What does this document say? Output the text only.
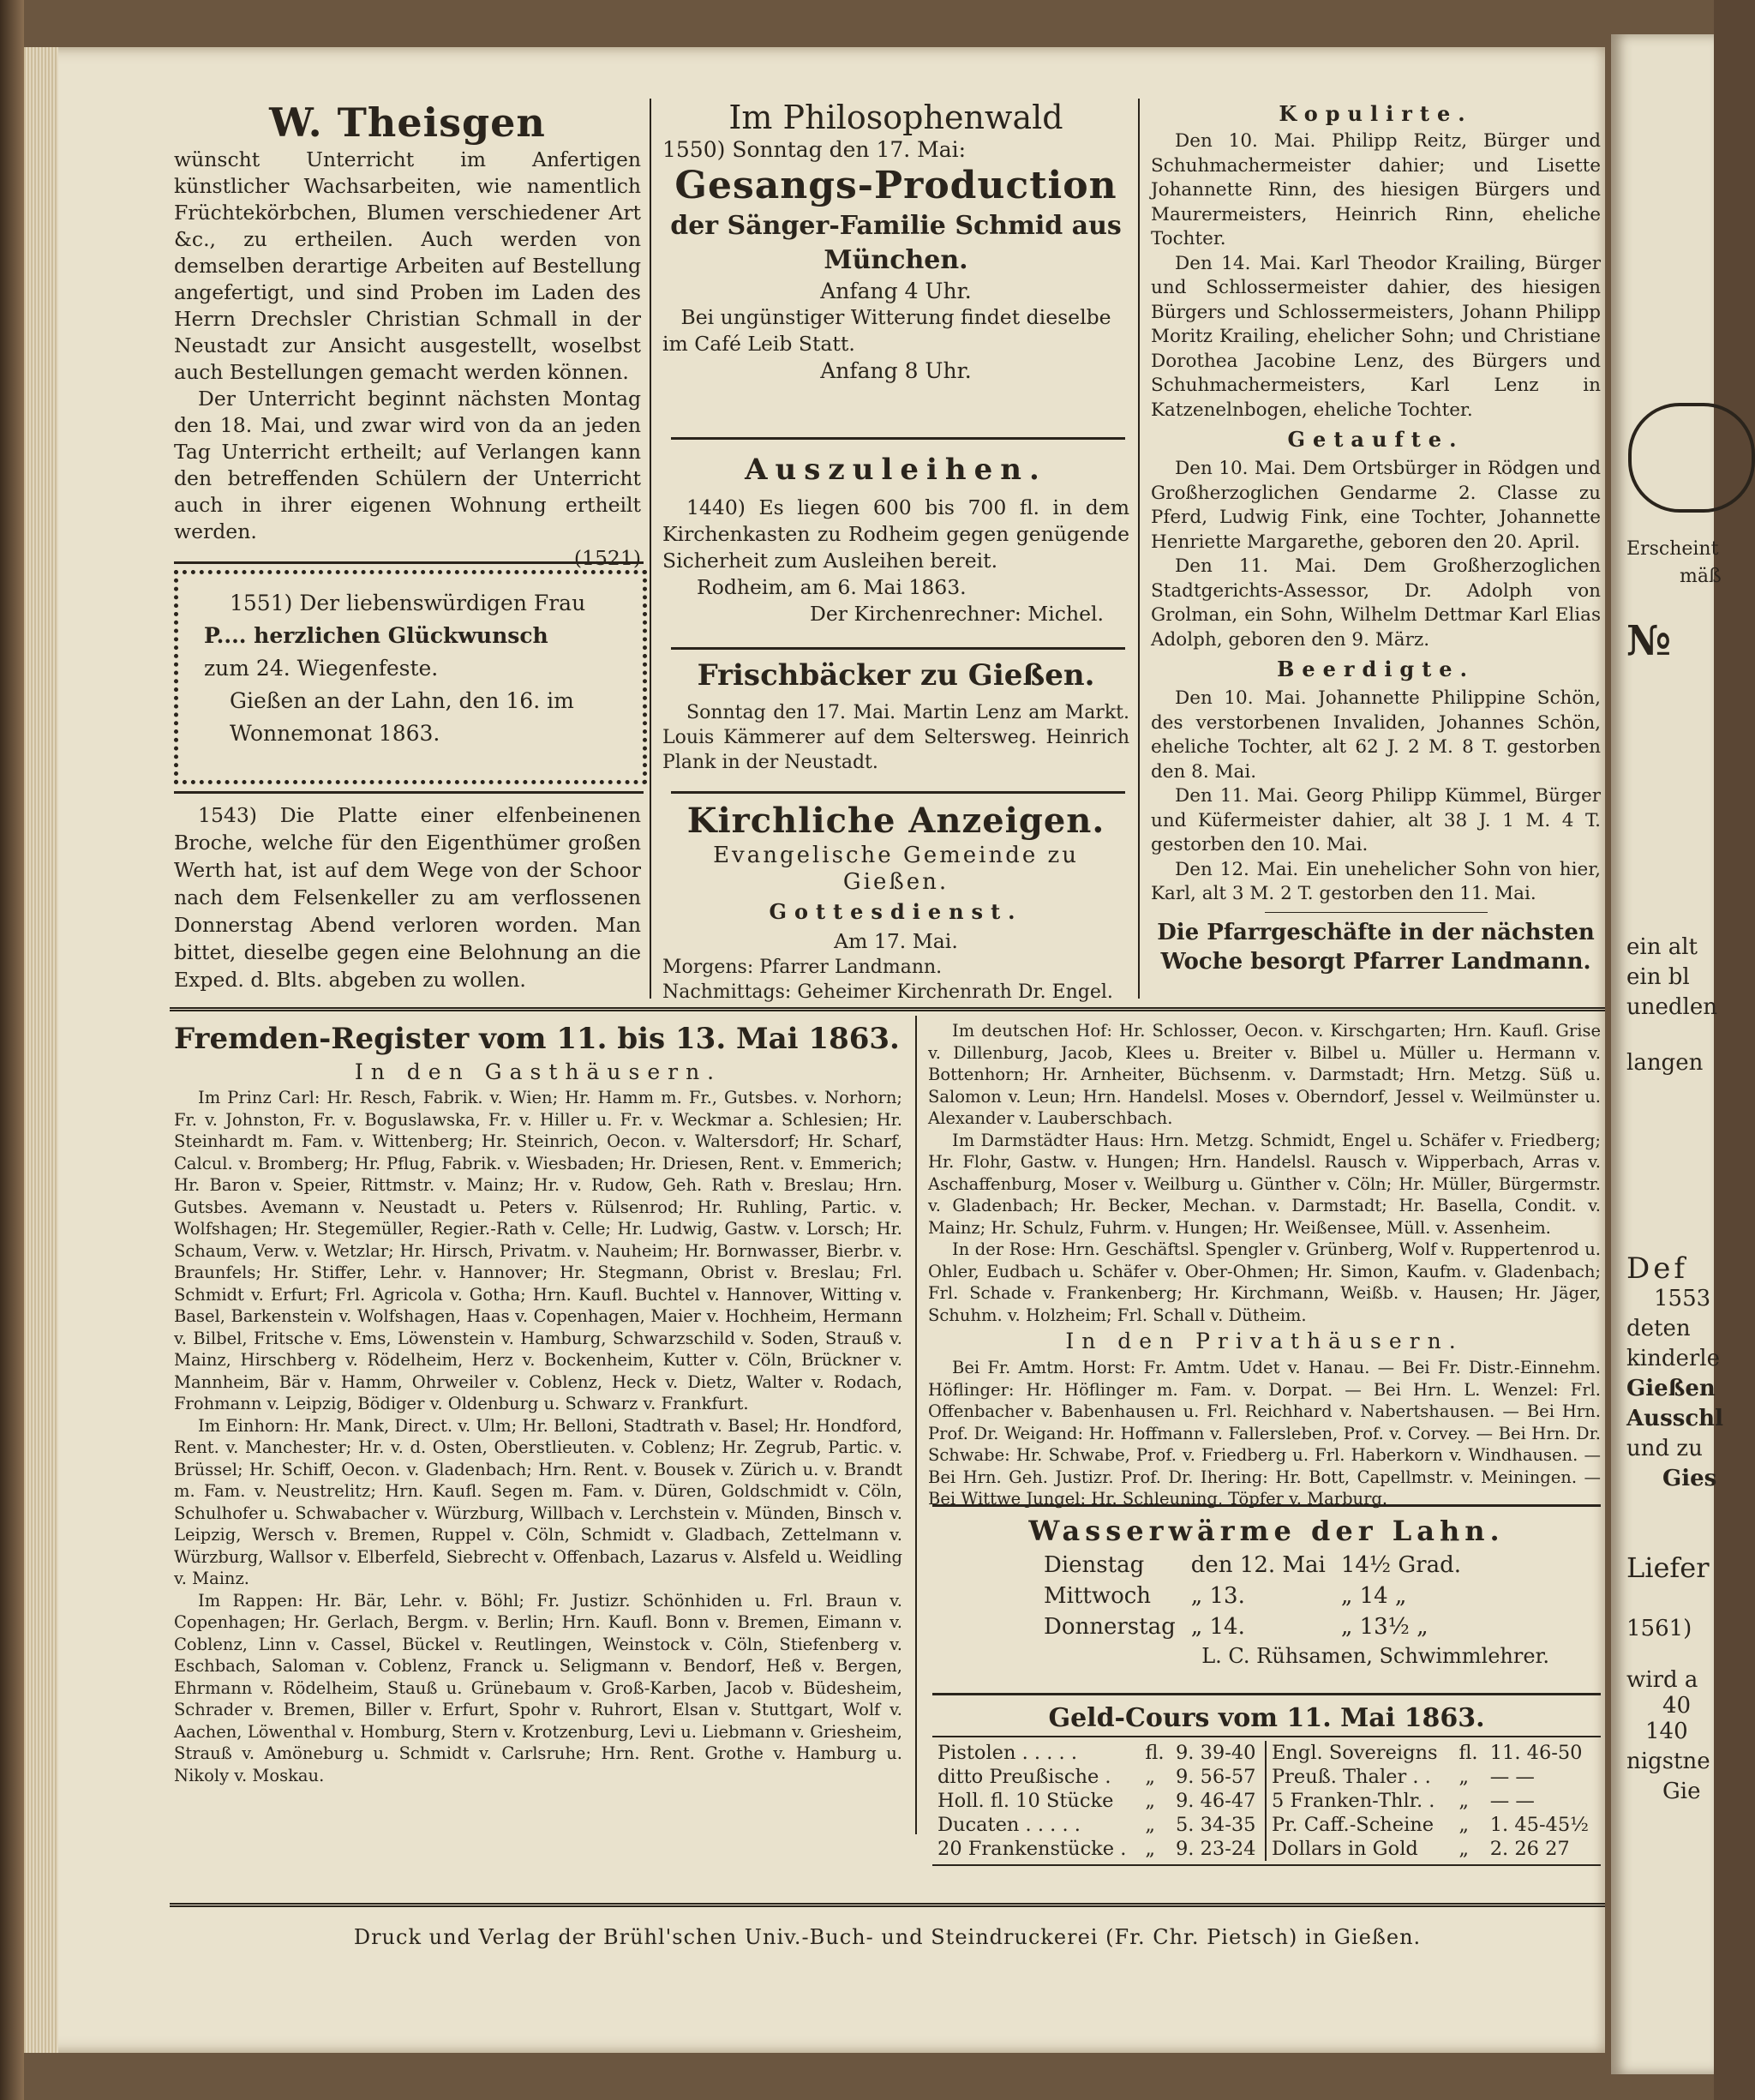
W. Theisgen

wünscht Unterricht im Anfertigen künstlicher Wachsarbeiten, wie namentlich Früchtekörbchen, Blumen verschiedener Art &c., zu ertheilen. Auch werden von demselben derartige Arbeiten auf Bestellung angefertigt, und sind Proben im Laden des Herrn Drechsler Christian Schmall in der Neustadt zur Ansicht ausgestellt, woselbst auch Bestellungen gemacht werden können.

Der Unterricht beginnt nächsten Montag den 18. Mai, und zwar wird von da an jeden Tag Unterricht ertheilt; auf Verlangen kann den betreffenden Schülern der Unterricht auch in ihrer eigenen Wohnung ertheilt werden.

(1521)

1551) Der liebenswürdigen Frau
P.... herzlichen Glückwunsch
zum 24. Wiegenfeste.
Gießen an der Lahn, den 16. im
Wonnemonat 1863.

1543) Die Platte einer elfenbeinenen Broche, welche für den Eigenthümer großen Werth hat, ist auf dem Wege von der Schoor nach dem Felsenkeller zu am verflossenen Donnerstag Abend verloren worden. Man bittet, dieselbe gegen eine Belohnung an die Exped. d. Blts. abgeben zu wollen.

Im Philosophenwald
1550) Sonntag den 17. Mai:
Gesangs-Production
der Sänger-Familie Schmid aus
München.
Anfang 4 Uhr.
Bei ungünstiger Witterung findet dieselbe
im Café Leib Statt.
Anfang 8 Uhr.
Auszuleihen.

1440) Es liegen 600 bis 700 fl. in dem Kirchenkasten zu Rodheim gegen genügende Sicherheit zum Ausleihen bereit.

Rodheim, am 6. Mai 1863.
Der Kirchenrechner: Michel.
Frischbäcker zu Gießen.

Sonntag den 17. Mai. Martin Lenz am Markt. Louis Kämmerer auf dem Seltersweg. Heinrich Plank in der Neustadt.

Kirchliche Anzeigen.
Evangelische Gemeinde zu Gießen.
Gottesdienst.
Am 17. Mai.
Morgens: Pfarrer Landmann.
Nachmittags: Geheimer Kirchenrath Dr. Engel.
Kopulirte.

Den 10. Mai. Philipp Reitz, Bürger und Schuhmachermeister dahier; und Lisette Johannette Rinn, des hiesigen Bürgers und Maurermeisters, Heinrich Rinn, eheliche Tochter.

Den 14. Mai. Karl Theodor Krailing, Bürger und Schlossermeister dahier, des hiesigen Bürgers und Schlossermeisters, Johann Philipp Moritz Krailing, ehelicher Sohn; und Christiane Dorothea Jacobine Lenz, des Bürgers und Schuhmachermeisters, Karl Lenz in Katzenelnbogen, eheliche Tochter.

Getaufte.

Den 10. Mai. Dem Ortsbürger in Rödgen und Großherzoglichen Gendarme 2. Classe zu Pferd, Ludwig Fink, eine Tochter, Johannette Henriette Margarethe, geboren den 20. April.

Den 11. Mai. Dem Großherzoglichen Stadtgerichts-Assessor, Dr. Adolph von Grolman, ein Sohn, Wilhelm Dettmar Karl Elias Adolph, geboren den 9. März.

Beerdigte.

Den 10. Mai. Johannette Philippine Schön, des verstorbenen Invaliden, Johannes Schön, eheliche Tochter, alt 62 J. 2 M. 8 T. gestorben den 8. Mai.

Den 11. Mai. Georg Philipp Kümmel, Bürger und Küfermeister dahier, alt 38 J. 1 M. 4 T. gestorben den 10. Mai.

Den 12. Mai. Ein unehelicher Sohn von hier, Karl, alt 3 M. 2 T. gestorben den 11. Mai.

Die Pfarrgeschäfte in der nächsten Woche besorgt Pfarrer Landmann.
Fremden-Register vom 11. bis 13. Mai 1863.
In den Gasthäusern.

Im Prinz Carl: Hr. Resch, Fabrik. v. Wien; Hr. Hamm m. Fr., Gutsbes. v. Norhorn; Fr. v. Johnston, Fr. v. Boguslawska, Fr. v. Hiller u. Fr. v. Weckmar a. Schlesien; Hr. Steinhardt m. Fam. v. Wittenberg; Hr. Steinrich, Oecon. v. Waltersdorf; Hr. Scharf, Calcul. v. Bromberg; Hr. Pflug, Fabrik. v. Wiesbaden; Hr. Driesen, Rent. v. Emmerich; Hr. Baron v. Speier, Rittmstr. v. Mainz; Hr. v. Rudow, Geh. Rath v. Breslau; Hrn. Gutsbes. Avemann v. Neustadt u. Peters v. Rülsenrod; Hr. Ruhling, Partic. v. Wolfshagen; Hr. Stegemüller, Regier.-Rath v. Celle; Hr. Ludwig, Gastw. v. Lorsch; Hr. Schaum, Verw. v. Wetzlar; Hr. Hirsch, Privatm. v. Nauheim; Hr. Bornwasser, Bierbr. v. Braunfels; Hr. Stiffer, Lehr. v. Hannover; Hr. Stegmann, Obrist v. Breslau; Frl. Schmidt v. Erfurt; Frl. Agricola v. Gotha; Hrn. Kaufl. Buchtel v. Hannover, Witting v. Basel, Barkenstein v. Wolfshagen, Haas v. Copenhagen, Maier v. Hochheim, Hermann v. Bilbel, Fritsche v. Ems, Löwenstein v. Hamburg, Schwarzschild v. Soden, Strauß v. Mainz, Hirschberg v. Rödelheim, Herz v. Bockenheim, Kutter v. Cöln, Brückner v. Mannheim, Bär v. Hamm, Ohrweiler v. Coblenz, Heck v. Dietz, Walter v. Rodach, Frohmann v. Leipzig, Bödiger v. Oldenburg u. Schwarz v. Frankfurt.

Im Einhorn: Hr. Mank, Direct. v. Ulm; Hr. Belloni, Stadtrath v. Basel; Hr. Hondford, Rent. v. Manchester; Hr. v. d. Osten, Oberstlieuten. v. Coblenz; Hr. Zegrub, Partic. v. Brüssel; Hr. Schiff, Oecon. v. Gladenbach; Hrn. Rent. v. Bousek v. Zürich u. v. Brandt m. Fam. v. Neustrelitz; Hrn. Kaufl. Segen m. Fam. v. Düren, Goldschmidt v. Cöln, Schulhofer u. Schwabacher v. Würzburg, Willbach v. Lerchstein v. Münden, Binsch v. Leipzig, Wersch v. Bremen, Ruppel v. Cöln, Schmidt v. Gladbach, Zettelmann v. Würzburg, Wallsor v. Elberfeld, Siebrecht v. Offenbach, Lazarus v. Alsfeld u. Weidling v. Mainz.

Im Rappen: Hr. Bär, Lehr. v. Böhl; Fr. Justizr. Schönhiden u. Frl. Braun v. Copenhagen; Hr. Gerlach, Bergm. v. Berlin; Hrn. Kaufl. Bonn v. Bremen, Eimann v. Coblenz, Linn v. Cassel, Bückel v. Reutlingen, Weinstock v. Cöln, Stiefenberg v. Eschbach, Saloman v. Coblenz, Franck u. Seligmann v. Bendorf, Heß v. Bergen, Ehrmann v. Rödelheim, Stauß u. Grünebaum v. Groß-Karben, Jacob v. Büdesheim, Schrader v. Bremen, Biller v. Erfurt, Spohr v. Ruhrort, Elsan v. Stuttgart, Wolf v. Aachen, Löwenthal v. Homburg, Stern v. Krotzenburg, Levi u. Liebmann v. Griesheim, Strauß v. Amöneburg u. Schmidt v. Carlsruhe; Hrn. Rent. Grothe v. Hamburg u. Nikoly v. Moskau.

Im deutschen Hof: Hr. Schlosser, Oecon. v. Kirschgarten; Hrn. Kaufl. Grise v. Dillenburg, Jacob, Klees u. Breiter v. Bilbel u. Müller u. Hermann v. Bottenhorn; Hr. Arnheiter, Büchsenm. v. Darmstadt; Hrn. Metzg. Süß u. Salomon v. Leun; Hrn. Handelsl. Moses v. Oberndorf, Jessel v. Weilmünster u. Alexander v. Lauberschbach.

Im Darmstädter Haus: Hrn. Metzg. Schmidt, Engel u. Schäfer v. Friedberg; Hr. Flohr, Gastw. v. Hungen; Hrn. Handelsl. Rausch v. Wipperbach, Arras v. Aschaffenburg, Moser v. Weilburg u. Günther v. Cöln; Hr. Müller, Bürgermstr. v. Gladenbach; Hr. Becker, Mechan. v. Darmstadt; Hr. Basella, Condit. v. Mainz; Hr. Schulz, Fuhrm. v. Hungen; Hr. Weißensee, Müll. v. Assenheim.

In der Rose: Hrn. Geschäftsl. Spengler v. Grünberg, Wolf v. Ruppertenrod u. Ohler, Eudbach u. Schäfer v. Ober-Ohmen; Hr. Simon, Kaufm. v. Gladenbach; Frl. Schade v. Frankenberg; Hr. Kirchmann, Weißb. v. Hausen; Hr. Jäger, Schuhm. v. Holzheim; Frl. Schall v. Dütheim.

In den Privathäusern.

Bei Fr. Amtm. Horst: Fr. Amtm. Udet v. Hanau. — Bei Fr. Distr.-Einnehm. Höflinger: Hr. Höflinger m. Fam. v. Dorpat. — Bei Hrn. L. Wenzel: Frl. Offenbacher v. Babenhausen u. Frl. Reichhard v. Nabertshausen. — Bei Hrn. Prof. Dr. Weigand: Hr. Hoffmann v. Fallersleben, Prof. v. Corvey. — Bei Hrn. Dr. Schwabe: Hr. Schwabe, Prof. v. Friedberg u. Frl. Haberkorn v. Windhausen. — Bei Hrn. Geh. Justizr. Prof. Dr. Ihering: Hr. Bott, Capellmstr. v. Meiningen. — Bei Wittwe Jungel: Hr. Schleuning, Töpfer v. Marburg.

Wasserwärme der Lahn.
Dienstag	den 12. Mai	14½ Grad.
Mittwoch	„ 13.	„ 14 „
Donnerstag	„ 14.	„ 13½ „
L. C. Rühsamen, Schwimmlehrer.
Geld-Cours vom 11. Mai 1863.
Pistolen . . . . .	fl.	9. 39-40
ditto Preußische .	„	9. 56-57
Holl. fl. 10 Stücke	„	9. 46-47
Ducaten . . . . .	„	5. 34-35
20 Frankenstücke .	„	9. 23-24
Engl. Sovereigns	fl.	11. 46-50
Preuß. Thaler . .	„	— —
5 Franken-Thlr. .	„	— —
Pr. Caff.-Scheine	„	1. 45-45½
Dollars in Gold	„	2. 26 27
Druck und Verlag der Brühl'schen Univ.-Buch- und Steindruckerei (Fr. Chr. Pietsch) in Gießen.
Erscheint
mäß
№
ein alt
ein bl
unedlen
langen
Def
1553
deten
kinderle
Gießen
Ausschl
und zu
Gies
Liefer
1561)
wird a
40
140
nigstne
Gie
